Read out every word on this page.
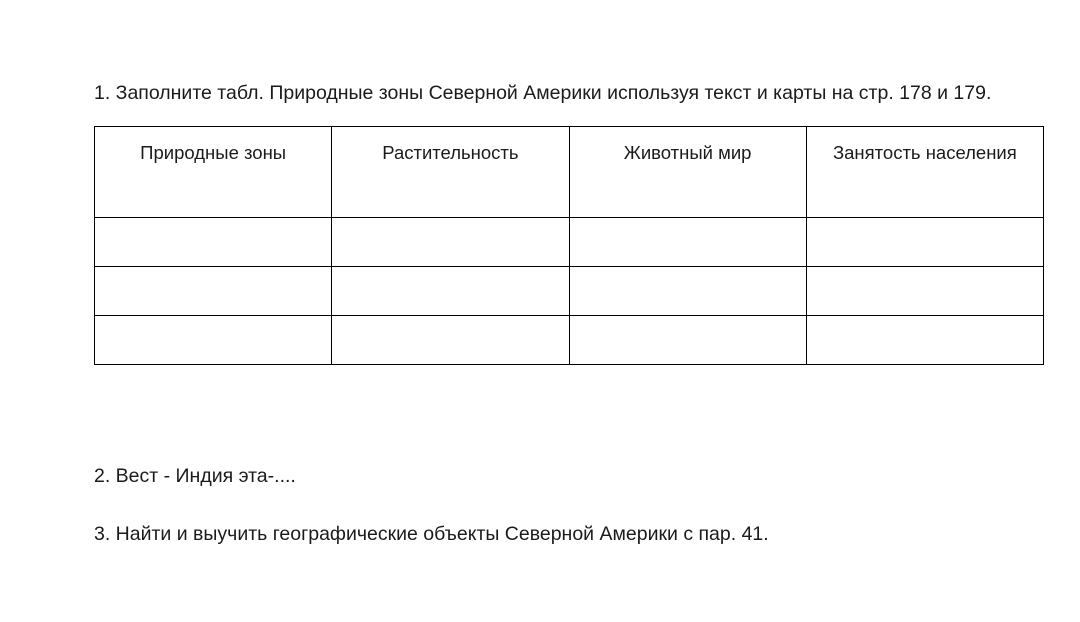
1. Заполните табл. Природные зоны Северной Америки используя текст и карты на стр. 178 и 179.

Природные зоны	Растительность	Животный мир	Занятость населения

2. Вест - Индия эта-....

3. Найти и выучить географические объекты Северной Америки с пар. 41.
